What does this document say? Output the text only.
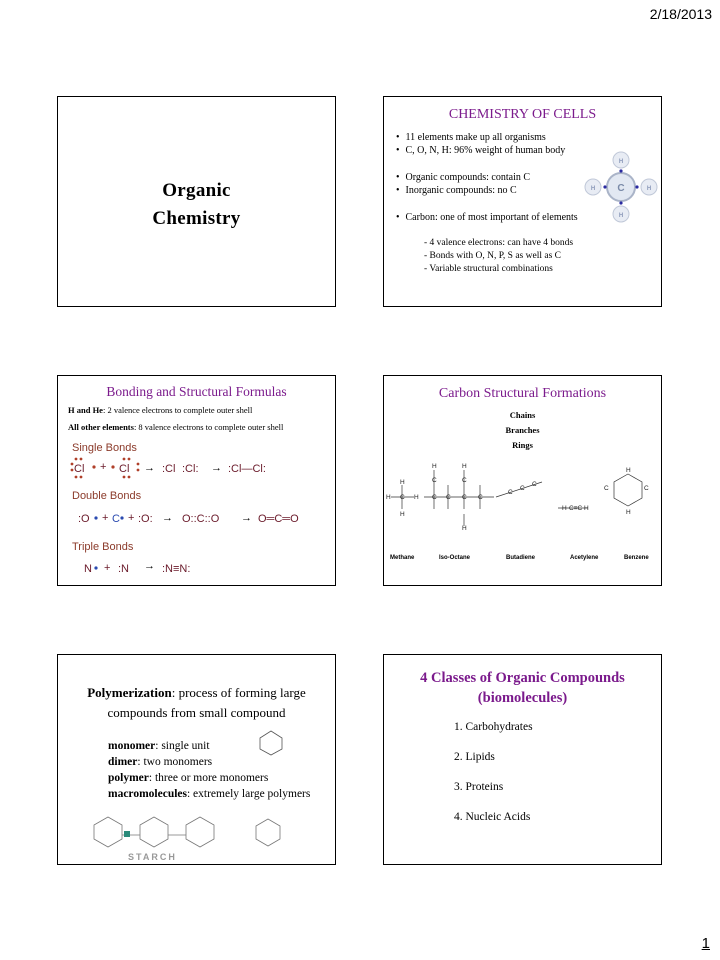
2/18/2013
Organic
Chemistry
CHEMISTRY OF CELLS
• 11 elements make up all organisms
• C, O, N, H: 96% weight of human body
• Organic compounds: contain C
• Inorganic compounds: no C
• Carbon: one of most important of elements
- 4 valence electrons: can have 4 bonds
- Bonds with O, N, P, S as well as C
- Variable structural combinations
C
H
H
H	H
Bonding and Structural Formulas
H and He: 2 valence electrons to complete outer shell
All other elements: 8 valence electrons to complete outer shell
Single Bonds
Double Bonds
Triple Bonds
Cl + Cl → :Cl :Cl: → :Cl—Cl:
:O + C + :O: → O::C::O → O═C═O
N + :N → :N≡N:
Carbon Structural Formations
Chains
Branches
Rings
C
H	H
H
H
H	H
C	C
C C C C
H
C
C
C
H C≡C H
H
H
C	C
Methane	Iso-Octane	Butadiene	Acetylene	Benzene
Polymerization: process of forming large compounds from small compound
monomer: single unit
dimer: two monomers
polymer: three or more monomers
macromolecules: extremely large polymers
STARCH
4 Classes of Organic Compounds
(biomolecules)
1. Carbohydrates
2. Lipids
3. Proteins
4. Nucleic Acids
1
